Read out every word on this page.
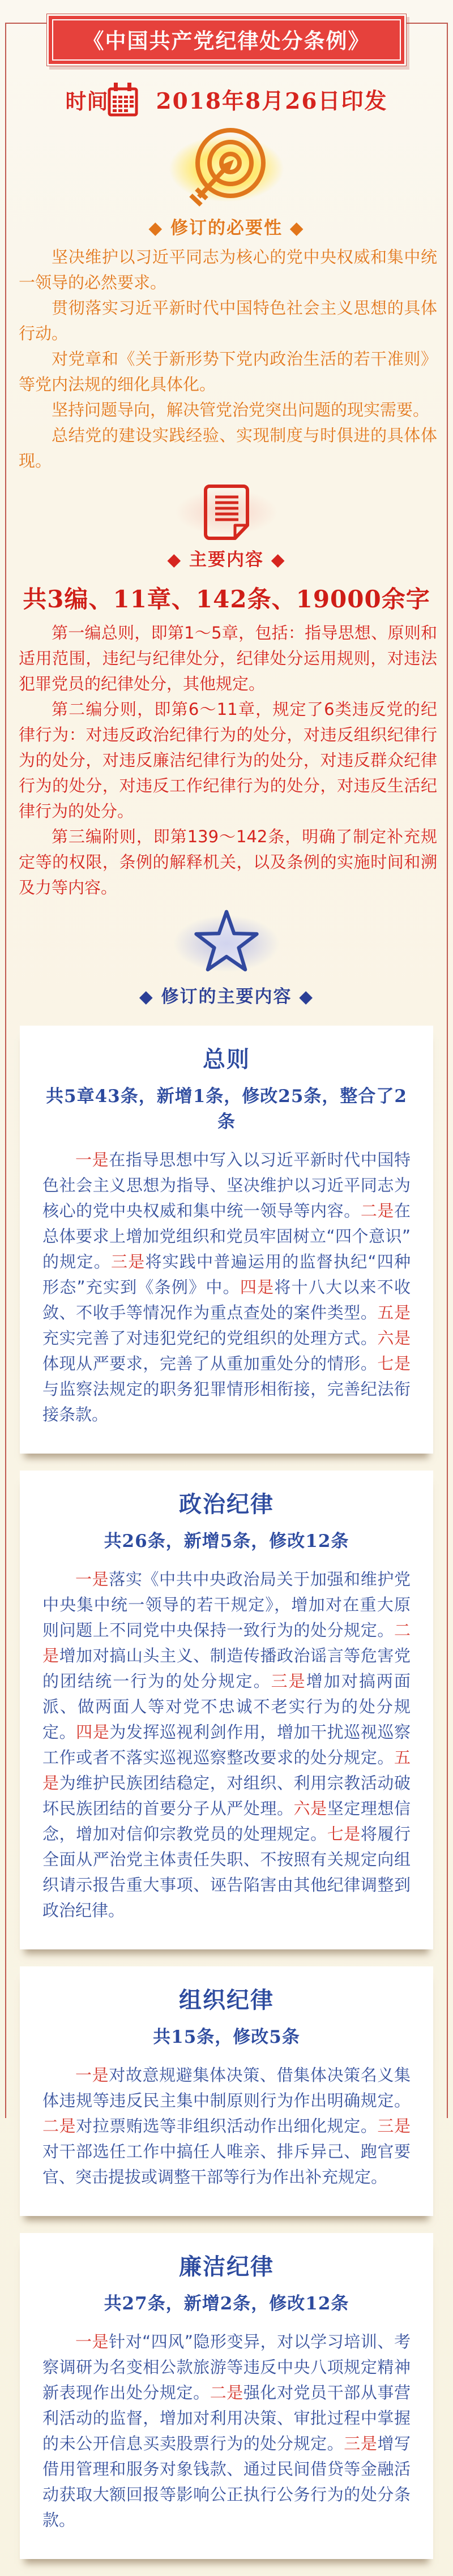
《中国共产党纪律处分条例》
时间 2018年8月26日印发
◆ 修订的必要性 ◆

坚决维护以习近平同志为核心的党中央权威和集中统一领导的必然要求。

贯彻落实习近平新时代中国特色社会主义思想的具体行动。

对党章和《关于新形势下党内政治生活的若干准则》等党内法规的细化具体化。

坚持问题导向，解决管党治党突出问题的现实需要。

总结党的建设实践经验、实现制度与时俱进的具体体现。

◆ 主要内容 ◆
共3编、11章、142条、19000余字

第一编总则，即第1～5章，包括：指导思想、原则和适用范围，违纪与纪律处分，纪律处分运用规则，对违法犯罪党员的纪律处分，其他规定。

第二编分则，即第6～11章，规定了6类违反党的纪律行为：对违反政治纪律行为的处分，对违反组织纪律行为的处分，对违反廉洁纪律行为的处分，对违反群众纪律行为的处分，对违反工作纪律行为的处分，对违反生活纪律行为的处分。

第三编附则，即第139～142条，明确了制定补充规定等的权限，条例的解释机关，以及条例的实施时间和溯及力等内容。

◆ 修订的主要内容 ◆
总则
共5章43条，新增1条，修改25条，整合了2条

一是在指导思想中写入以习近平新时代中国特色社会主义思想为指导、坚决维护以习近平同志为核心的党中央权威和集中统一领导等内容。二是在总体要求上增加党组织和党员牢固树立“四个意识”的规定。三是将实践中普遍运用的监督执纪“四种形态”充实到《条例》中。四是将十八大以来不收敛、不收手等情况作为重点查处的案件类型。五是充实完善了对违犯党纪的党组织的处理方式。六是体现从严要求，完善了从重加重处分的情形。七是与监察法规定的职务犯罪情形相衔接，完善纪法衔接条款。

政治纪律
共26条，新增5条，修改12条

一是落实《中共中央政治局关于加强和维护党中央集中统一领导的若干规定》，增加对在重大原则问题上不同党中央保持一致行为的处分规定。二是增加对搞山头主义、制造传播政治谣言等危害党的团结统一行为的处分规定。三是增加对搞两面派、做两面人等对党不忠诚不老实行为的处分规定。四是为发挥巡视利剑作用，增加干扰巡视巡察工作或者不落实巡视巡察整改要求的处分规定。五是为维护民族团结稳定，对组织、利用宗教活动破坏民族团结的首要分子从严处理。六是坚定理想信念，增加对信仰宗教党员的处理规定。七是将履行全面从严治党主体责任失职、不按照有关规定向组织请示报告重大事项、诬告陷害由其他纪律调整到政治纪律。

组织纪律
共15条，修改5条

一是对故意规避集体决策、借集体决策名义集体违规等违反民主集中制原则行为作出明确规定。二是对拉票贿选等非组织活动作出细化规定。三是对干部选任工作中搞任人唯亲、排斥异己、跑官要官、突击提拔或调整干部等行为作出补充规定。

廉洁纪律
共27条，新增2条，修改12条

一是针对“四风”隐形变异，对以学习培训、考察调研为名变相公款旅游等违反中央八项规定精神新表现作出处分规定。二是强化对党员干部从事营利活动的监督，增加对利用决策、审批过程中掌握的未公开信息买卖股票行为的处分规定。三是增写借用管理和服务对象钱款、通过民间借贷等金融活动获取大额回报等影响公正执行公务行为的处分条款。
